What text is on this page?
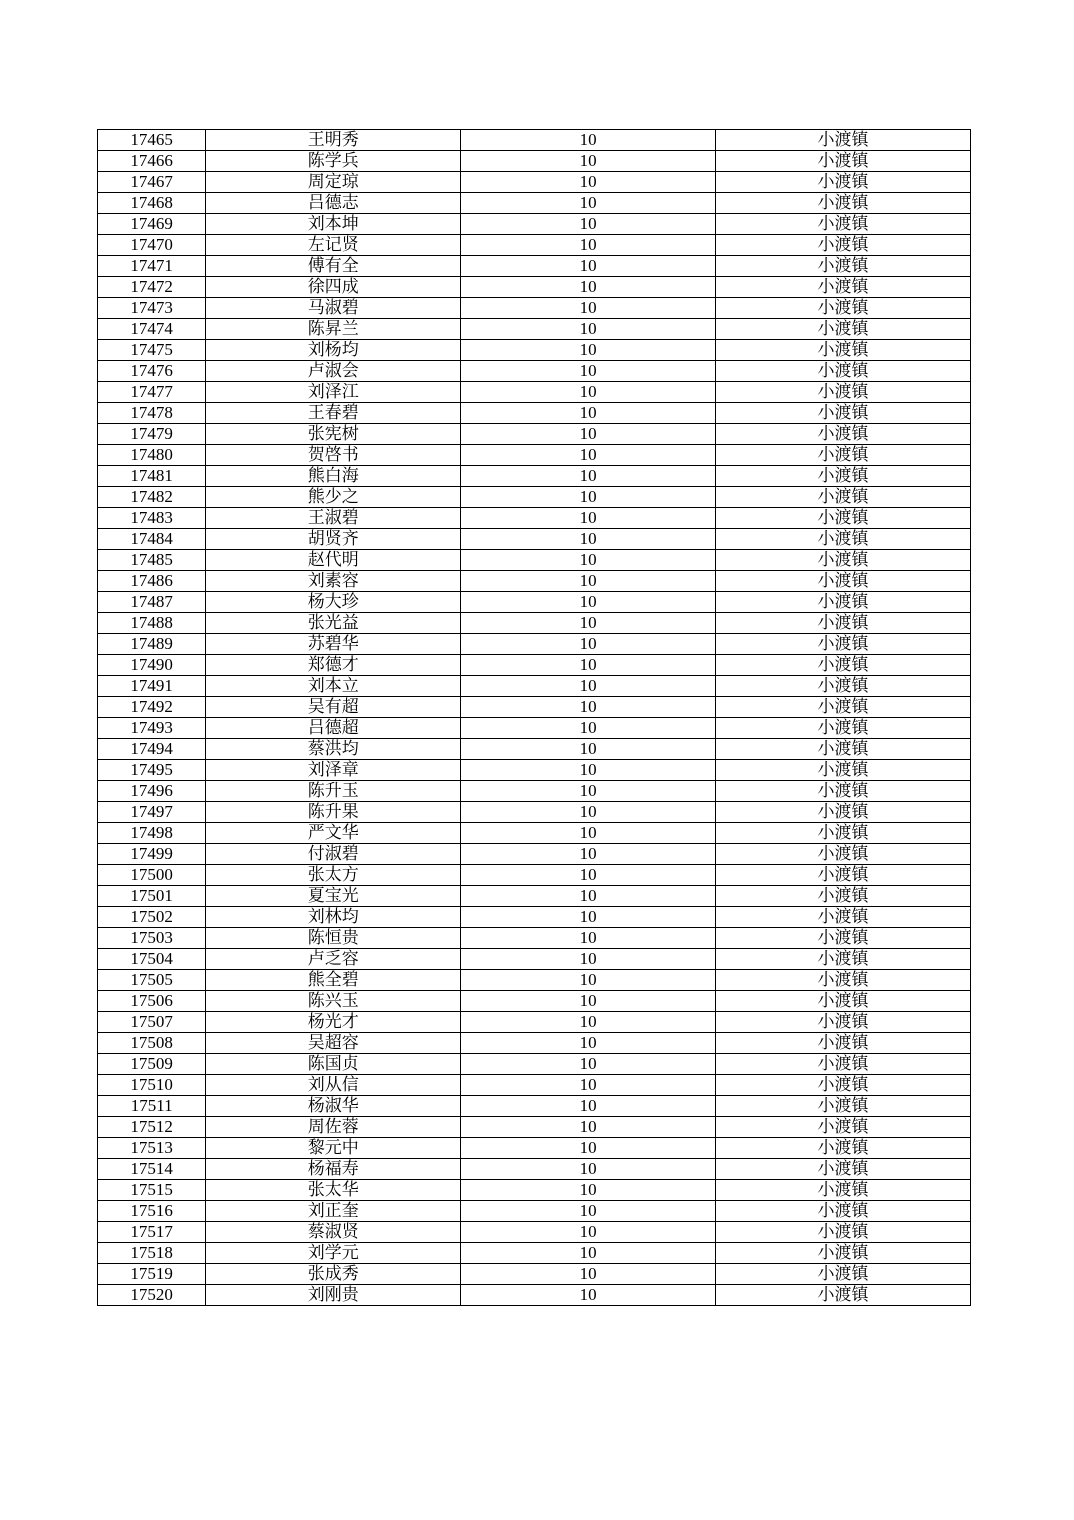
17465	王明秀	10	小渡镇
17466	陈学兵	10	小渡镇
17467	周定琼	10	小渡镇
17468	吕德志	10	小渡镇
17469	刘本坤	10	小渡镇
17470	左记贤	10	小渡镇
17471	傅有全	10	小渡镇
17472	徐四成	10	小渡镇
17473	马淑碧	10	小渡镇
17474	陈昇兰	10	小渡镇
17475	刘杨均	10	小渡镇
17476	卢淑会	10	小渡镇
17477	刘泽江	10	小渡镇
17478	王春碧	10	小渡镇
17479	张宪树	10	小渡镇
17480	贺啓书	10	小渡镇
17481	熊白海	10	小渡镇
17482	熊少之	10	小渡镇
17483	王淑碧	10	小渡镇
17484	胡贤齐	10	小渡镇
17485	赵代明	10	小渡镇
17486	刘素容	10	小渡镇
17487	杨大珍	10	小渡镇
17488	张光益	10	小渡镇
17489	苏碧华	10	小渡镇
17490	郑德才	10	小渡镇
17491	刘本立	10	小渡镇
17492	吴有超	10	小渡镇
17493	吕德超	10	小渡镇
17494	蔡洪均	10	小渡镇
17495	刘泽章	10	小渡镇
17496	陈升玉	10	小渡镇
17497	陈升果	10	小渡镇
17498	严文华	10	小渡镇
17499	付淑碧	10	小渡镇
17500	张太方	10	小渡镇
17501	夏宝光	10	小渡镇
17502	刘林均	10	小渡镇
17503	陈恒贵	10	小渡镇
17504	卢乏容	10	小渡镇
17505	熊全碧	10	小渡镇
17506	陈兴玉	10	小渡镇
17507	杨光才	10	小渡镇
17508	吴超容	10	小渡镇
17509	陈国贞	10	小渡镇
17510	刘从信	10	小渡镇
17511	杨淑华	10	小渡镇
17512	周佐蓉	10	小渡镇
17513	黎元中	10	小渡镇
17514	杨福寿	10	小渡镇
17515	张太华	10	小渡镇
17516	刘正奎	10	小渡镇
17517	蔡淑贤	10	小渡镇
17518	刘学元	10	小渡镇
17519	张成秀	10	小渡镇
17520	刘刚贵	10	小渡镇
